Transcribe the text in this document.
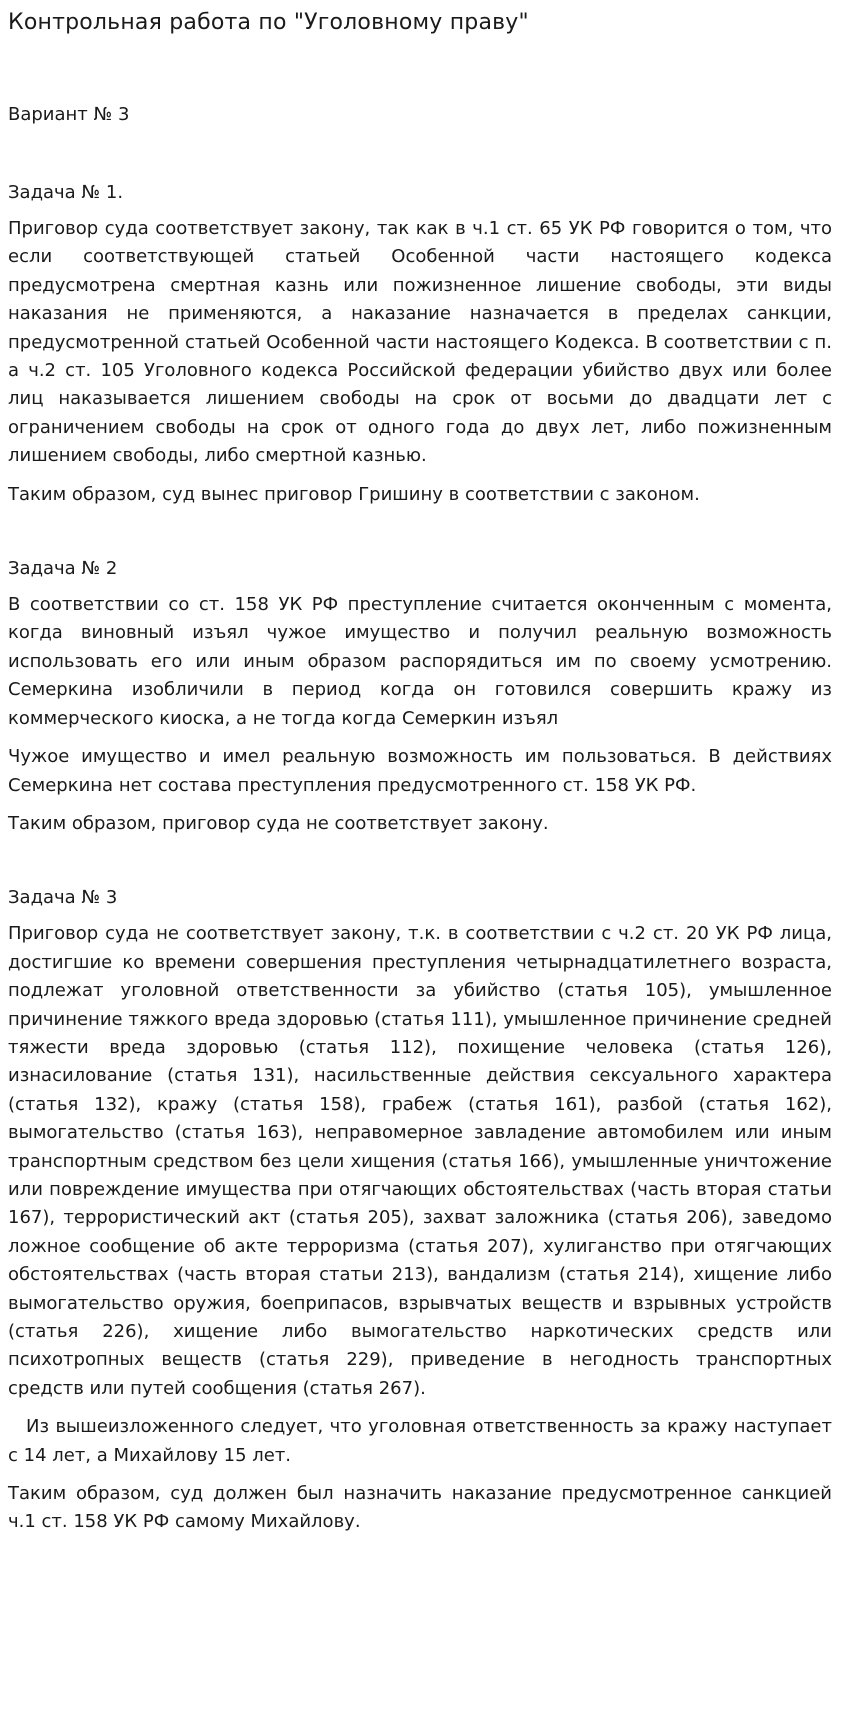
Контрольная работа по "Уголовному праву"

Вариант № 3

Задача № 1.

Приговор суда соответствует закону, так как в ч.1 ст. 65 УК РФ говорится о том, что если соответствующей статьей Особенной части настоящего кодекса предусмотрена смертная казнь или пожизненное лишение свободы, эти виды наказания не применяются, а наказание назначается в пределах санкции, предусмотренной статьей Особенной части настоящего Кодекса. В соответствии с п. а ч.2 ст. 105 Уголовного кодекса Российской федерации убийство двух или более лиц наказывается лишением свободы на срок от восьми до двадцати лет с ограничением свободы на срок от одного года до двух лет, либо пожизненным лишением свободы, либо смертной казнью.

Таким образом, суд вынес приговор Гришину в соответствии с законом.

Задача № 2

В соответствии со ст. 158 УК РФ преступление считается оконченным с момента, когда виновный изъял чужое имущество и получил реальную возможность использовать его или иным образом распорядиться им по своему усмотрению. Семеркина изобличили в период когда он готовился совершить кражу из коммерческого киоска, а не тогда когда Семеркин изъял

Чужое имущество и имел реальную возможность им пользоваться. В действиях Семеркина нет состава преступления предусмотренного ст. 158 УК РФ.

Таким образом, приговор суда не соответствует закону.

Задача № 3

Приговор суда не соответствует закону, т.к. в соответствии с ч.2 ст. 20 УК РФ лица, достигшие ко времени совершения преступления четырнадцатилетнего возраста, подлежат уголовной ответственности за убийство (статья 105), умышленное причинение тяжкого вреда здоровью (статья 111), умышленное причинение средней тяжести вреда здоровью (статья 112), похищение человека (статья 126), изнасилование (статья 131), насильственные действия сексуального характера (статья 132), кражу (статья 158), грабеж (статья 161), разбой (статья 162), вымогательство (статья 163), неправомерное завладение автомобилем или иным транспортным средством без цели хищения (статья 166), умышленные уничтожение или повреждение имущества при отягчающих обстоятельствах (часть вторая статьи 167), террористический акт (статья 205), захват заложника (статья 206), заведомо ложное сообщение об акте терроризма (статья 207), хулиганство при отягчающих обстоятельствах (часть вторая статьи 213), вандализм (статья 214), хищение либо вымогательство оружия, боеприпасов, взрывчатых веществ и взрывных устройств (статья 226), хищение либо вымогательство наркотических средств или психотропных веществ (статья 229), приведение в негодность транспортных средств или путей сообщения (статья 267).

Из вышеизложенного следует, что уголовная ответственность за кражу наступает с 14 лет, а Михайлову 15 лет.

Таким образом, суд должен был назначить наказание предусмотренное санкцией ч.1 ст. 158 УК РФ самому Михайлову.
